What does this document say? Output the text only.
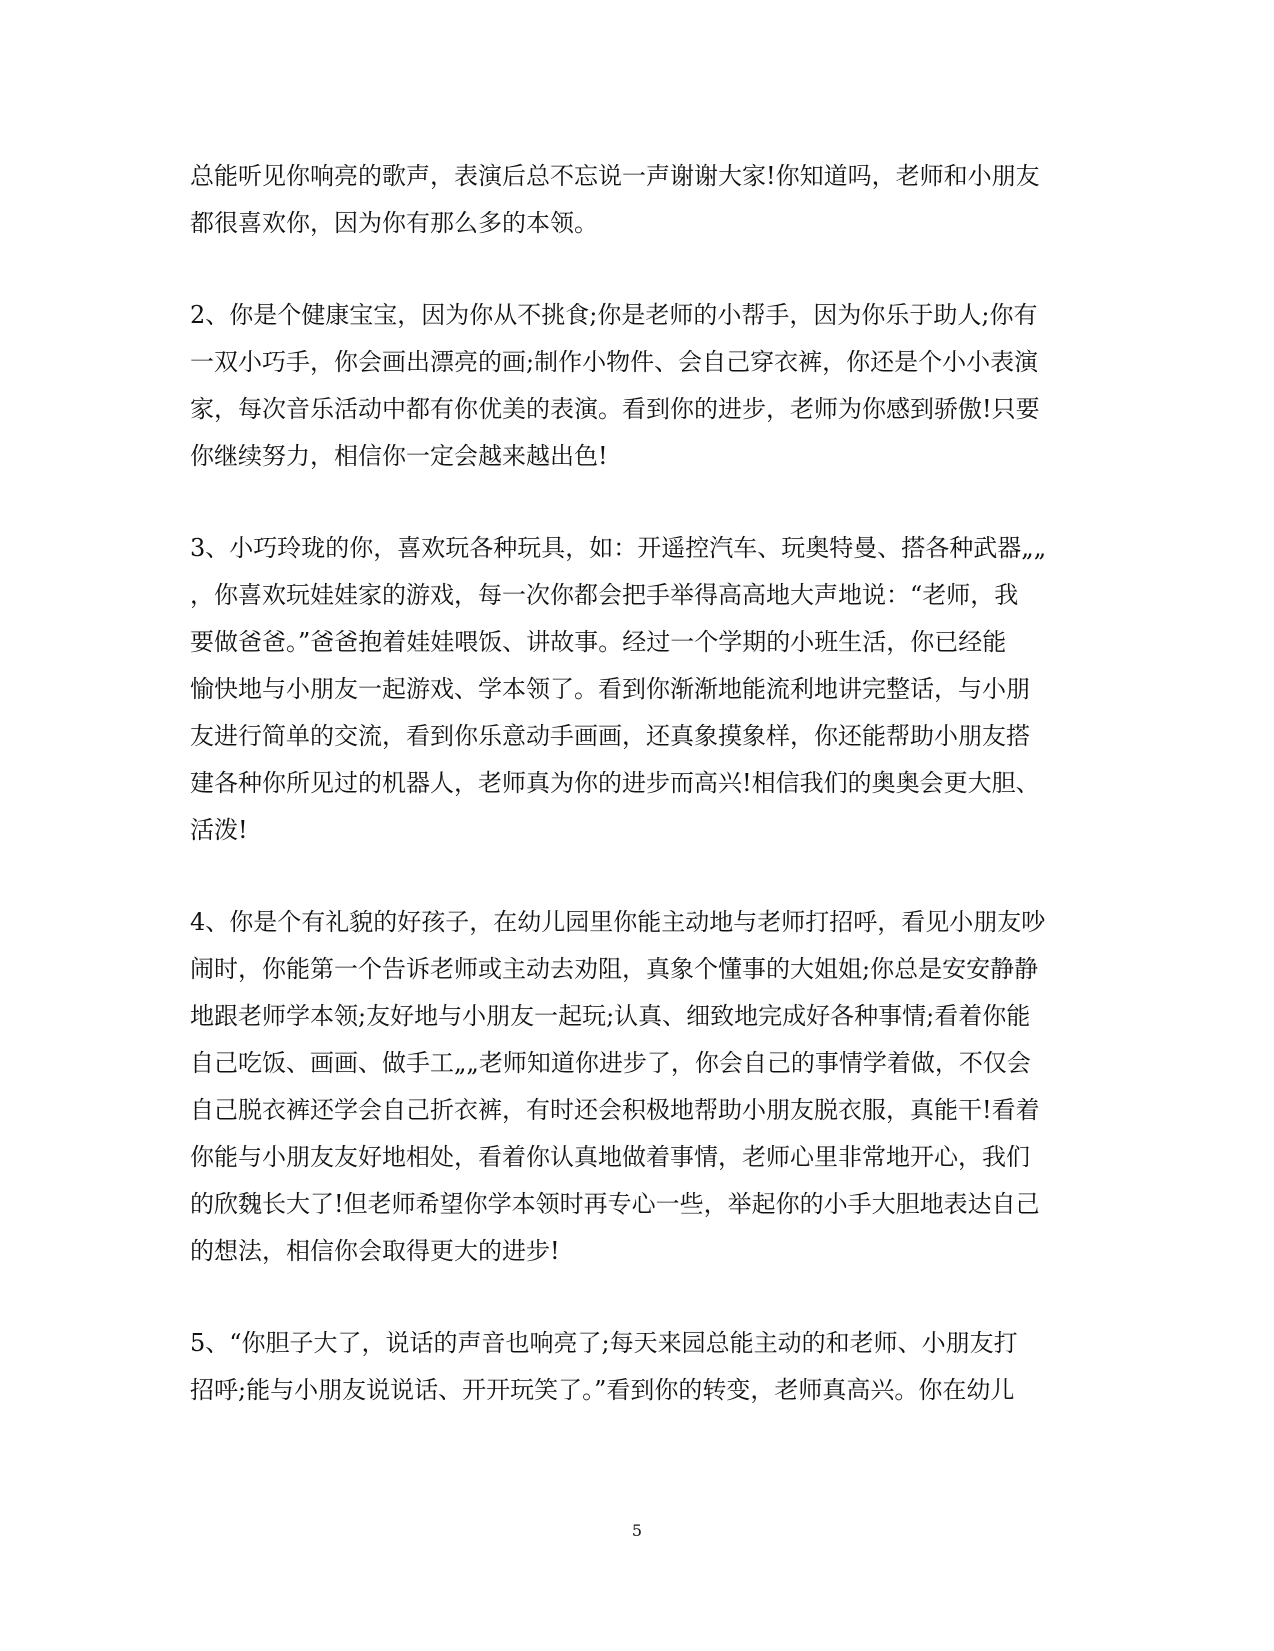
总能听见你响亮的歌声，表演后总不忘说一声谢谢大家!你知道吗，老师和小朋友
都很喜欢你，因为你有那么多的本领。
2、你是个健康宝宝，因为你从不挑食;你是老师的小帮手，因为你乐于助人;你有
一双小巧手，你会画出漂亮的画;制作小物件、会自己穿衣裤，你还是个小小表演
家，每次音乐活动中都有你优美的表演。看到你的进步，老师为你感到骄傲!只要
你继续努力，相信你一定会越来越出色!
3、小巧玲珑的你，喜欢玩各种玩具，如：开遥控汽车、玩奥特曼、搭各种武器„„
，你喜欢玩娃娃家的游戏，每一次你都会把手举得高高地大声地说：“老师，我
要做爸爸。”爸爸抱着娃娃喂饭、讲故事。经过一个学期的小班生活，你已经能
愉快地与小朋友一起游戏、学本领了。看到你渐渐地能流利地讲完整话，与小朋
友进行简单的交流，看到你乐意动手画画，还真象摸象样，你还能帮助小朋友搭
建各种你所见过的机器人，老师真为你的进步而高兴!相信我们的奥奥会更大胆、
活泼!
4、你是个有礼貌的好孩子，在幼儿园里你能主动地与老师打招呼，看见小朋友吵
闹时，你能第一个告诉老师或主动去劝阻，真象个懂事的大姐姐;你总是安安静静
地跟老师学本领;友好地与小朋友一起玩;认真、细致地完成好各种事情;看着你能
自己吃饭、画画、做手工„„老师知道你进步了，你会自己的事情学着做，不仅会
自己脱衣裤还学会自己折衣裤，有时还会积极地帮助小朋友脱衣服，真能干!看着
你能与小朋友友好地相处，看着你认真地做着事情，老师心里非常地开心，我们
的欣魏长大了!但老师希望你学本领时再专心一些，举起你的小手大胆地表达自己
的想法，相信你会取得更大的进步!
5、“你胆子大了，说话的声音也响亮了;每天来园总能主动的和老师、小朋友打
招呼;能与小朋友说说话、开开玩笑了。”看到你的转变，老师真高兴。你在幼儿
5
